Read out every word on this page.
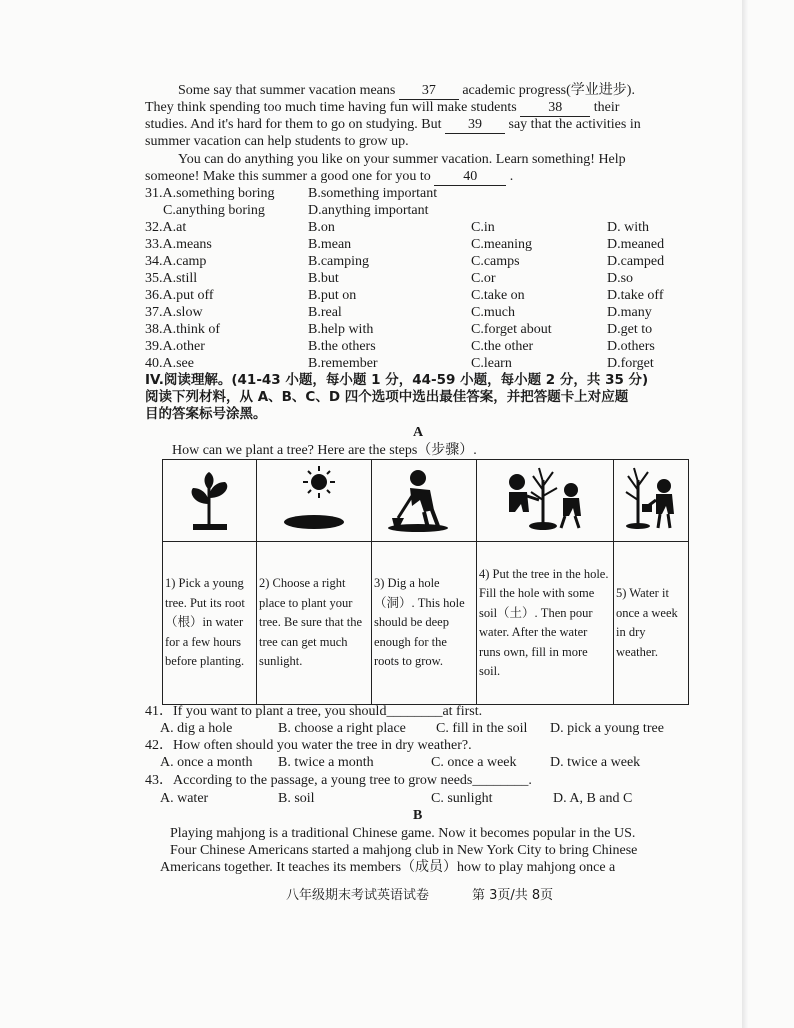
Some say that summer vacation means 37 academic progress(学业进步).
They think spending too much time having fun will make students 38 their
studies. And it's hard for them to go on studying. But 39 say that the activities in
summer vacation can help students to grow up.
You can do anything you like on your summer vacation. Learn something! Help
someone! Make this summer a good one for you to 40 .
31.A.something boring B.something important
C.anything boring	D.anything important
32.A.at	B.on	C.in	D. with
33.A.means	B.mean	C.meaning	D.meaned
34.A.camp	B.camping	C.camps	D.camped
35.A.still	B.but	C.or	D.so
36.A.put off	B.put on	C.take on	D.take off
37.A.slow	B.real	C.much	D.many
38.A.think of	B.help with	C.forget about	D.get to
39.A.other	B.the others	C.the other	D.others
40.A.see	B.remember	C.learn	D.forget
IV.阅读理解。(41-43 小题，每小题 1 分，44-59 小题，每小题 2 分，共 35 分)
阅读下列材料，从 A、B、C、D 四个选项中选出最佳答案，并把答题卡上对应题
目的答案标号涂黑。
A
How can we plant a tree? Here are the steps（步骤）.

1) Pick a young tree. Put its root（根）in water for a few hours before planting.	2) Choose a right place to plant your tree. Be sure that the tree can get much sunlight.	3) Dig a hole（洞）. This hole should be deep enough for the roots to grow.	4) Put the tree in the hole. Fill the hole with some soil（土）. Then pour water. After the water runs own, fill in more soil.	5) Water it once a week in dry weather.
41．If you want to plant a tree, you should________at first.
A. dig a hole	B. choose a right place C. fill in the soil D. pick a young tree
42．How often should you water the tree in dry weather?.
A. once a month B. twice a month	C. once a week D. twice a week
43．According to the passage, a young tree to grow needs________.
A. water	B. soil	C. sunlight	D. A, B and C
B
Playing mahjong is a traditional Chinese game. Now it becomes popular in the US.
Four Chinese Americans started a mahjong club in New York City to bring Chinese
Americans together. It teaches its members（成员）how to play mahjong once a
八年级期末考试英语试卷	第 3页/共 8页
